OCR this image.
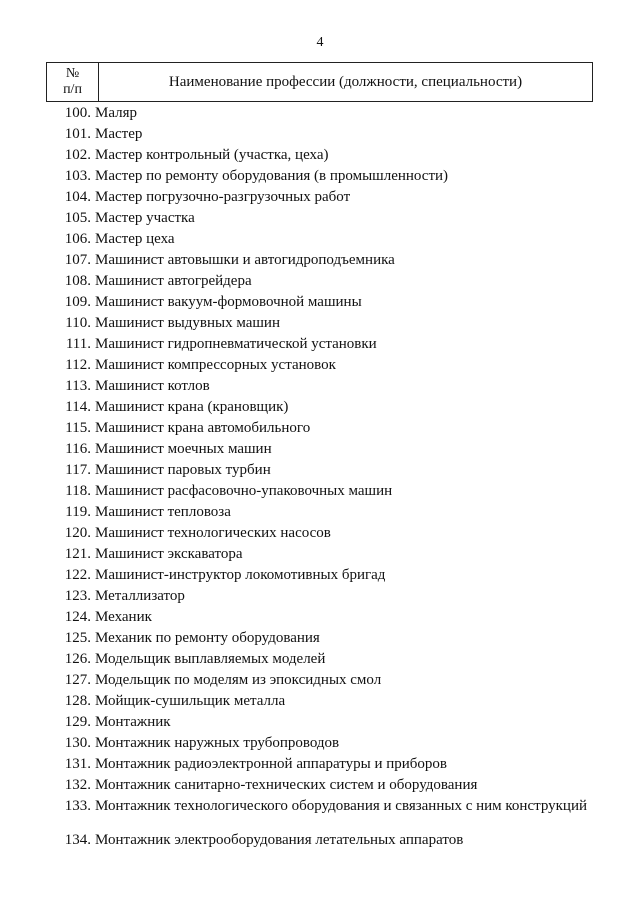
4
№
п/п	Наименование профессии (должности, специальности)
100. Маляр
101. Мастер
102. Мастер контрольный (участка, цеха)
103. Мастер по ремонту оборудования (в промышленности)
104. Мастер погрузочно-разгрузочных работ
105. Мастер участка
106. Мастер цеха
107. Машинист автовышки и автогидроподъемника
108. Машинист автогрейдера
109. Машинист вакуум-формовочной машины
110. Машинист выдувных машин
111. Машинист гидропневматической установки
112. Машинист компрессорных установок
113. Машинист котлов
114. Машинист крана (крановщик)
115. Машинист крана автомобильного
116. Машинист моечных машин
117. Машинист паровых турбин
118. Машинист расфасовочно-упаковочных машин
119. Машинист тепловоза
120. Машинист технологических насосов
121. Машинист экскаватора
122. Машинист-инструктор локомотивных бригад
123. Металлизатор
124. Механик
125. Механик по ремонту оборудования
126. Модельщик выплавляемых моделей
127. Модельщик по моделям из эпоксидных смол
128. Мойщик-сушильщик металла
129. Монтажник
130. Монтажник наружных трубопроводов
131. Монтажник радиоэлектронной аппаратуры и приборов
132. Монтажник санитарно-технических систем и оборудования
133. Монтажник технологического оборудования и связанных с ним конструкций
134. Монтажник электрооборудования летательных аппаратов
